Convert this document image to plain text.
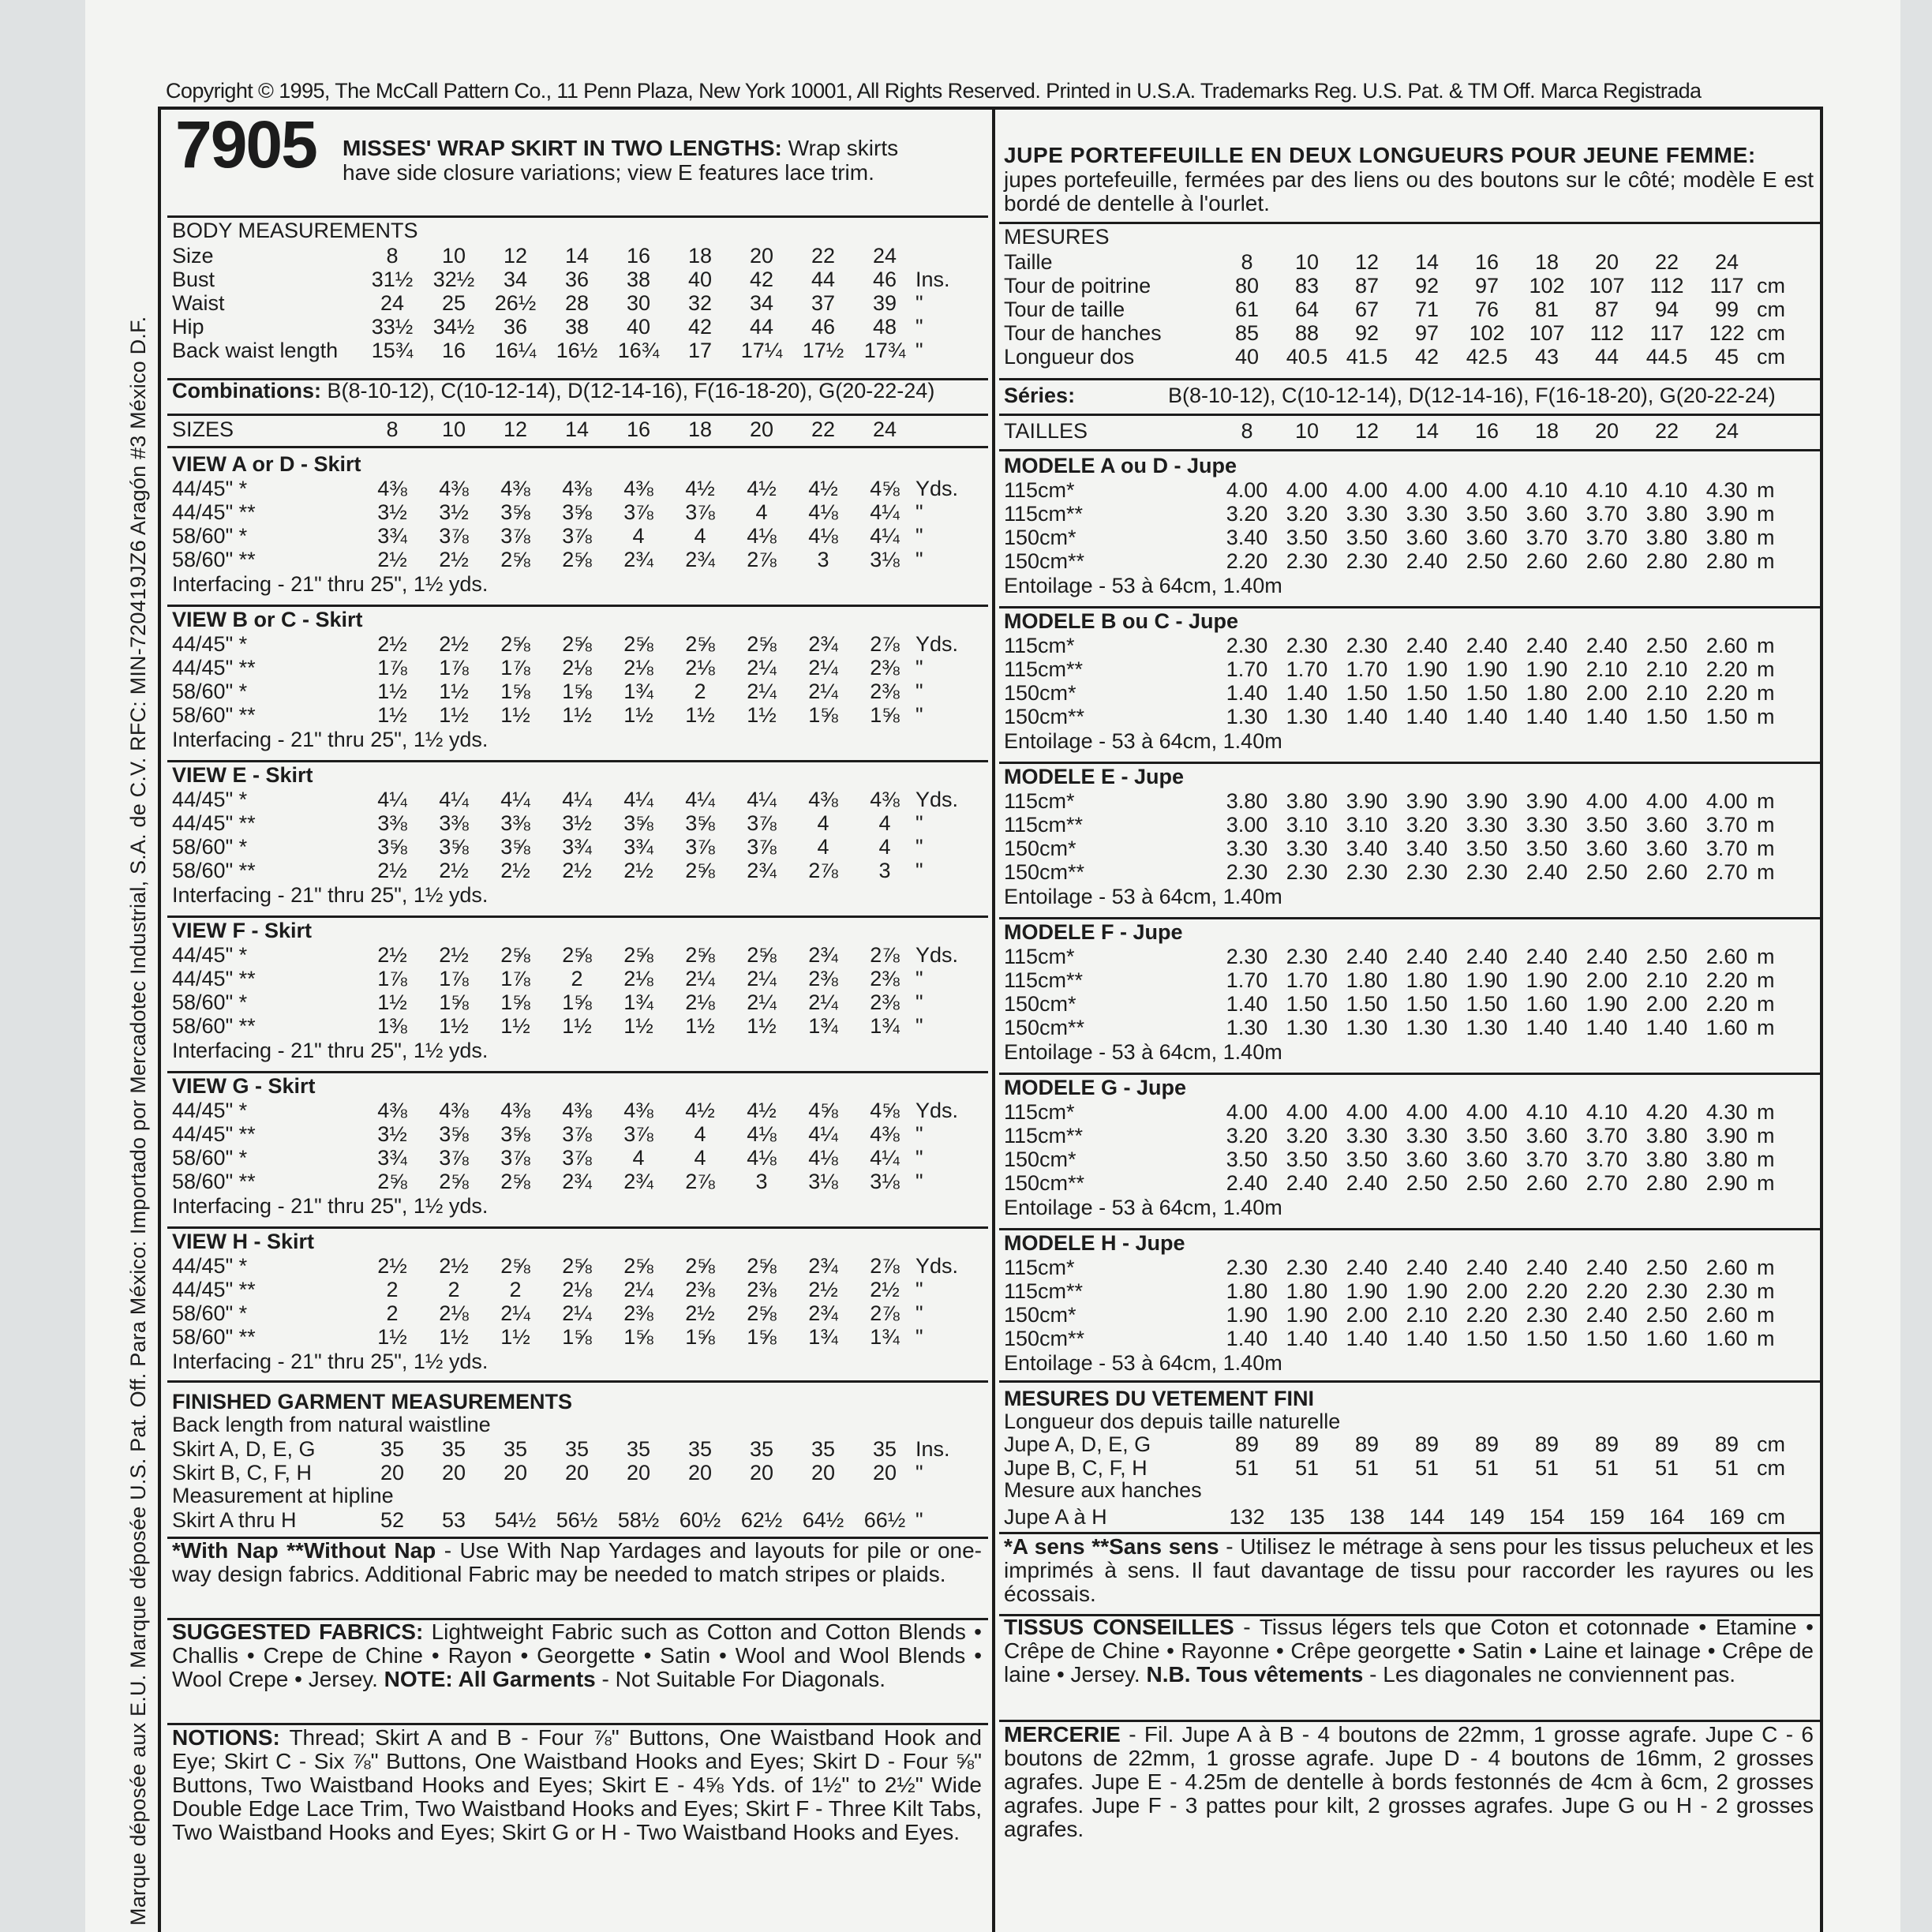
Copyright © 1995, The McCall Pattern Co., 11 Penn Plaza, New York 10001, All Rights Reserved. Printed in U.S.A. Trademarks Reg. U.S. Pat. & TM Off. Marca Registrada
Marque déposée aux E.U. Marque déposée U.S. Pat. Off. Para México: Importado por Mercadotec Industrial, S.A. de C.V. RFC: MIN-720419JZ6 Aragón #3 México D.F.
7905 MISSES' WRAP SKIRT IN TWO LENGTHS: Wrap skirts
have side closure variations; view E features lace trim.
BODY MEASUREMENTS
Size	8	10	12	14	16	18	20	22	24	
Bust	31½	32½	34	36	38	40	42	44	46	Ins.
Waist	24	25	26½	28	30	32	34	37	39	"
Hip	33½	34½	36	38	40	42	44	46	48	"
Back waist length	15¾	16	16¼	16½	16¾	17	17¼	17½	17¾	"
Combinations: B(8-10-12), C(10-12-14), D(12-14-16), F(16-18-20), G(20-22-24)
SIZES	8	10	12	14	16	18	20	22	24
VIEW A or D - Skirt
44/45" *	4⅜	4⅜	4⅜	4⅜	4⅜	4½	4½	4½	4⅝	Yds.
44/45" **	3½	3½	3⅝	3⅝	3⅞	3⅞	4	4⅛	4¼	"
58/60" *	3¾	3⅞	3⅞	3⅞	4	4	4⅛	4⅛	4¼	"
58/60" **	2½	2½	2⅝	2⅝	2¾	2¾	2⅞	3	3⅛	"
Interfacing - 21" thru 25", 1½ yds.
VIEW B or C - Skirt
44/45" *	2½	2½	2⅝	2⅝	2⅝	2⅝	2⅝	2¾	2⅞	Yds.
44/45" **	1⅞	1⅞	1⅞	2⅛	2⅛	2⅛	2¼	2¼	2⅜	"
58/60" *	1½	1½	1⅝	1⅝	1¾	2	2¼	2¼	2⅜	"
58/60" **	1½	1½	1½	1½	1½	1½	1½	1⅝	1⅝	"
Interfacing - 21" thru 25", 1½ yds.
VIEW E - Skirt
44/45" *	4¼	4¼	4¼	4¼	4¼	4¼	4¼	4⅜	4⅜	Yds.
44/45" **	3⅜	3⅜	3⅜	3½	3⅝	3⅝	3⅞	4	4	"
58/60" *	3⅝	3⅝	3⅝	3¾	3¾	3⅞	3⅞	4	4	"
58/60" **	2½	2½	2½	2½	2½	2⅝	2¾	2⅞	3	"
Interfacing - 21" thru 25", 1½ yds.
VIEW F - Skirt
44/45" *	2½	2½	2⅝	2⅝	2⅝	2⅝	2⅝	2¾	2⅞	Yds.
44/45" **	1⅞	1⅞	1⅞	2	2⅛	2¼	2¼	2⅜	2⅜	"
58/60" *	1½	1⅝	1⅝	1⅝	1¾	2⅛	2¼	2¼	2⅜	"
58/60" **	1⅜	1½	1½	1½	1½	1½	1½	1¾	1¾	"
Interfacing - 21" thru 25", 1½ yds.
VIEW G - Skirt
44/45" *	4⅜	4⅜	4⅜	4⅜	4⅜	4½	4½	4⅝	4⅝	Yds.
44/45" **	3½	3⅝	3⅝	3⅞	3⅞	4	4⅛	4¼	4⅜	"
58/60" *	3¾	3⅞	3⅞	3⅞	4	4	4⅛	4⅛	4¼	"
58/60" **	2⅝	2⅝	2⅝	2¾	2¾	2⅞	3	3⅛	3⅛	"
Interfacing - 21" thru 25", 1½ yds.
VIEW H - Skirt
44/45" *	2½	2½	2⅝	2⅝	2⅝	2⅝	2⅝	2¾	2⅞	Yds.
44/45" **	2	2	2	2⅛	2¼	2⅜	2⅜	2½	2½	"
58/60" *	2	2⅛	2¼	2¼	2⅜	2½	2⅝	2¾	2⅞	"
58/60" **	1½	1½	1½	1⅝	1⅝	1⅝	1⅝	1¾	1¾	"
Interfacing - 21" thru 25", 1½ yds.
FINISHED GARMENT MEASUREMENTS
Back length from natural waistline
Skirt A, D, E, G	35	35	35	35	35	35	35	35	35	Ins.
Skirt B, C, F, H	20	20	20	20	20	20	20	20	20	"
Measurement at hipline
Skirt A thru H	52	53	54½	56½	58½	60½	62½	64½	66½	"
*With Nap **Without Nap - Use With Nap Yardages and layouts for pile or one-way design fabrics. Additional Fabric may be needed to match stripes or plaids.
SUGGESTED FABRICS: Lightweight Fabric such as Cotton and Cotton Blends • Challis • Crepe de Chine • Rayon • Georgette • Satin • Wool and Wool Blends • Wool Crepe • Jersey. NOTE: All Garments - Not Suitable For Diagonals.
NOTIONS: Thread; Skirt A and B - Four ⅞" Buttons, One Waistband Hook and Eye; Skirt C - Six ⅞" Buttons, One Waistband Hooks and Eyes; Skirt D - Four ⅝" Buttons, Two Waistband Hooks and Eyes; Skirt E - 4⅝ Yds. of 1½" to 2½" Wide Double Edge Lace Trim, Two Waistband Hooks and Eyes; Skirt F - Three Kilt Tabs, Two Waistband Hooks and Eyes; Skirt G or H - Two Waistband Hooks and Eyes.
JUPE PORTEFEUILLE EN DEUX LONGUEURS POUR JEUNE FEMME:
jupes portefeuille, fermées par des liens ou des boutons sur le côté; modèle E est bordé de dentelle à l'ourlet.
MESURES
Taille	8	10	12	14	16	18	20	22	24	
Tour de poitrine	80	83	87	92	97	102	107	112	117	cm
Tour de taille	61	64	67	71	76	81	87	94	99	cm
Tour de hanches	85	88	92	97	102	107	112	117	122	cm
Longueur dos	40	40.5	41.5	42	42.5	43	44	44.5	45	cm
Séries:	B(8-10-12), C(10-12-14), D(12-14-16), F(16-18-20), G(20-22-24)
TAILLES	8	10	12	14	16	18	20	22	24
MODELE A ou D - Jupe
115cm*	4.00	4.00	4.00	4.00	4.00	4.10	4.10	4.10	4.30	m
115cm**	3.20	3.20	3.30	3.30	3.50	3.60	3.70	3.80	3.90	m
150cm*	3.40	3.50	3.50	3.60	3.60	3.70	3.70	3.80	3.80	m
150cm**	2.20	2.30	2.30	2.40	2.50	2.60	2.60	2.80	2.80	m
Entoilage - 53 à 64cm, 1.40m
MODELE B ou C - Jupe
115cm*	2.30	2.30	2.30	2.40	2.40	2.40	2.40	2.50	2.60	m
115cm**	1.70	1.70	1.70	1.90	1.90	1.90	2.10	2.10	2.20	m
150cm*	1.40	1.40	1.50	1.50	1.50	1.80	2.00	2.10	2.20	m
150cm**	1.30	1.30	1.40	1.40	1.40	1.40	1.40	1.50	1.50	m
Entoilage - 53 à 64cm, 1.40m
MODELE E - Jupe
115cm*	3.80	3.80	3.90	3.90	3.90	3.90	4.00	4.00	4.00	m
115cm**	3.00	3.10	3.10	3.20	3.30	3.30	3.50	3.60	3.70	m
150cm*	3.30	3.30	3.40	3.40	3.50	3.50	3.60	3.60	3.70	m
150cm**	2.30	2.30	2.30	2.30	2.30	2.40	2.50	2.60	2.70	m
Entoilage - 53 à 64cm, 1.40m
MODELE F - Jupe
115cm*	2.30	2.30	2.40	2.40	2.40	2.40	2.40	2.50	2.60	m
115cm**	1.70	1.70	1.80	1.80	1.90	1.90	2.00	2.10	2.20	m
150cm*	1.40	1.50	1.50	1.50	1.50	1.60	1.90	2.00	2.20	m
150cm**	1.30	1.30	1.30	1.30	1.30	1.40	1.40	1.40	1.60	m
Entoilage - 53 à 64cm, 1.40m
MODELE G - Jupe
115cm*	4.00	4.00	4.00	4.00	4.00	4.10	4.10	4.20	4.30	m
115cm**	3.20	3.20	3.30	3.30	3.50	3.60	3.70	3.80	3.90	m
150cm*	3.50	3.50	3.50	3.60	3.60	3.70	3.70	3.80	3.80	m
150cm**	2.40	2.40	2.40	2.50	2.50	2.60	2.70	2.80	2.90	m
Entoilage - 53 à 64cm, 1.40m
MODELE H - Jupe
115cm*	2.30	2.30	2.40	2.40	2.40	2.40	2.40	2.50	2.60	m
115cm**	1.80	1.80	1.90	1.90	2.00	2.20	2.20	2.30	2.30	m
150cm*	1.90	1.90	2.00	2.10	2.20	2.30	2.40	2.50	2.60	m
150cm**	1.40	1.40	1.40	1.40	1.50	1.50	1.50	1.60	1.60	m
Entoilage - 53 à 64cm, 1.40m
MESURES DU VETEMENT FINI
Longueur dos depuis taille naturelle
Jupe A, D, E, G	89	89	89	89	89	89	89	89	89	cm
Jupe B, C, F, H	51	51	51	51	51	51	51	51	51	cm
Mesure aux hanches
Jupe A à H	132	135	138	144	149	154	159	164	169	cm
*A sens **Sans sens - Utilisez le métrage à sens pour les tissus pelucheux et les imprimés à sens. Il faut davantage de tissu pour raccorder les rayures ou les écossais.
TISSUS CONSEILLES - Tissus légers tels que Coton et cotonnade • Etamine • Crêpe de Chine • Rayonne • Crêpe georgette • Satin • Laine et lainage • Crêpe de laine • Jersey. N.B. Tous vêtements - Les diagonales ne conviennent pas.
MERCERIE - Fil. Jupe A à B - 4 boutons de 22mm, 1 grosse agrafe. Jupe C - 6 boutons de 22mm, 1 grosse agrafe. Jupe D - 4 boutons de 16mm, 2 grosses agrafes. Jupe E - 4.25m de dentelle à bords festonnés de 4cm à 6cm, 2 grosses agrafes. Jupe F - 3 pattes pour kilt, 2 grosses agrafes. Jupe G ou H - 2 grosses agrafes.
